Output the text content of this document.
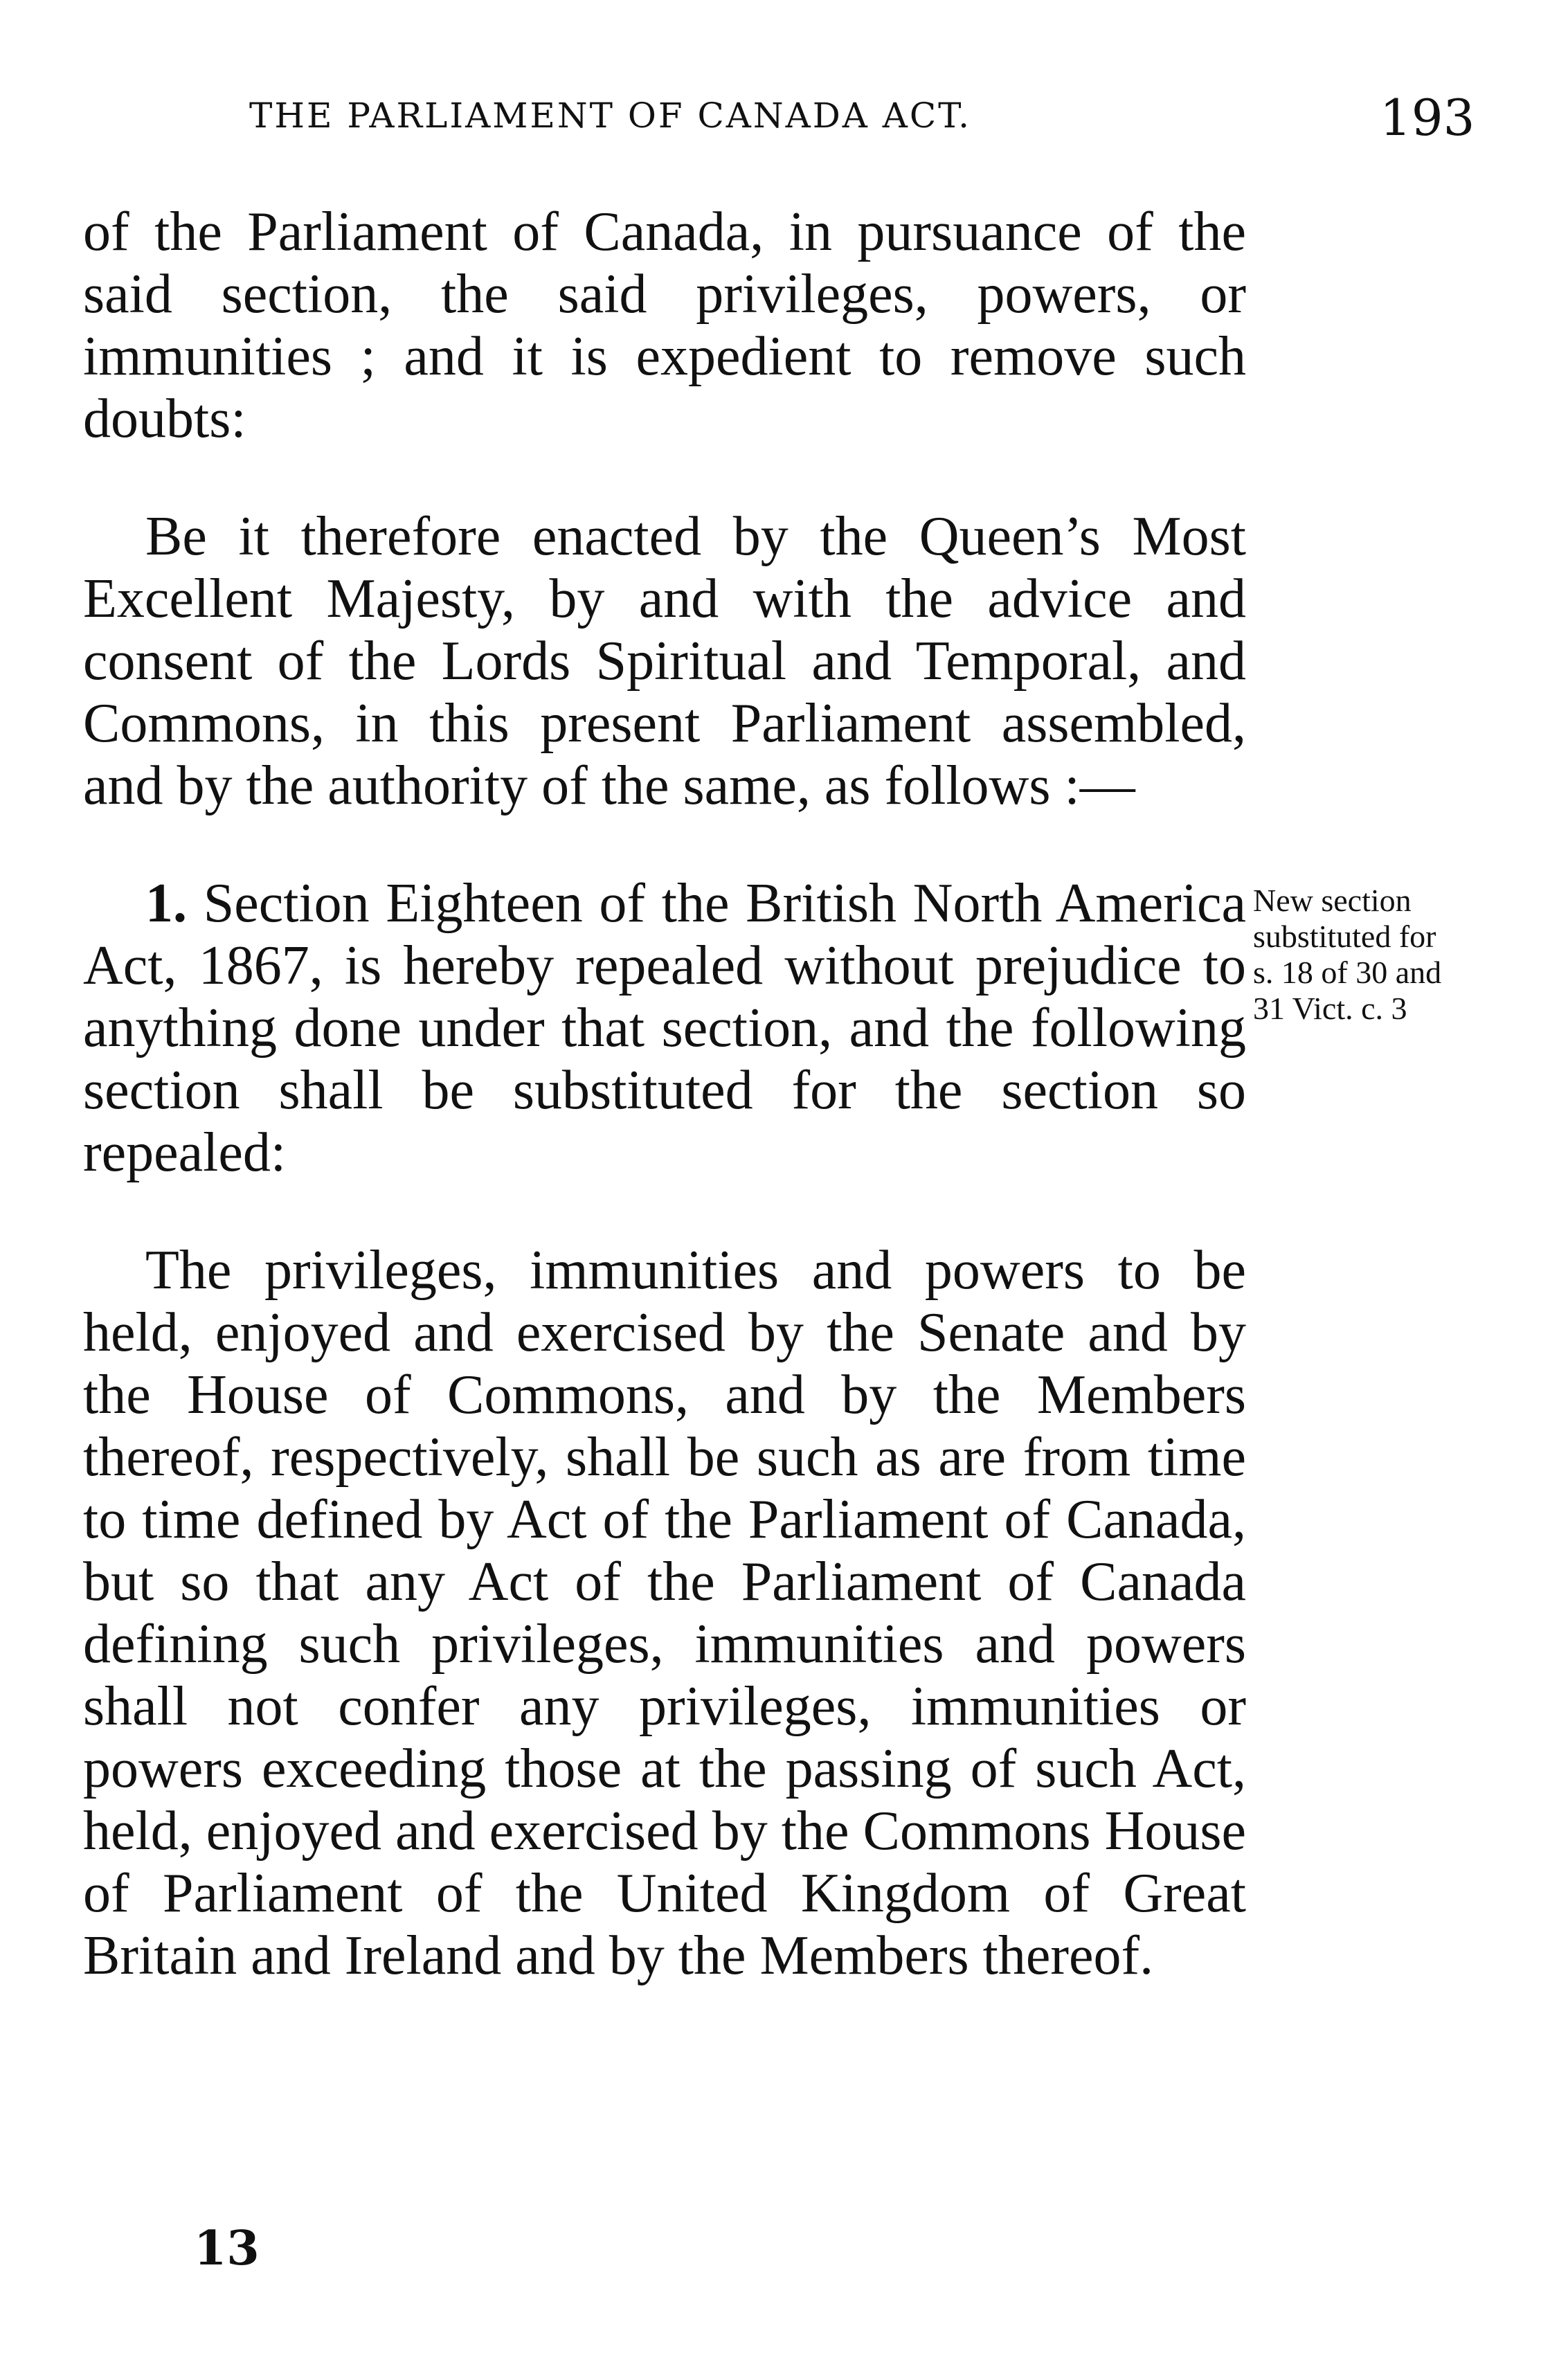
THE PARLIAMENT OF CANADA ACT.	193

of the Parliament of Canada, in pursuance of the said section, the said privileges, powers, or immunities ; and it is expedient to remove such doubts:

Be it therefore enacted by the Queen’s Most Excellent Majesty, by and with the advice and consent of the Lords Spiritual and Temporal, and Commons, in this present Parliament assembled, and by the authority of the same, as follows :—

1. Section Eighteen of the British North America Act, 1867, is hereby repealed without prejudice to anything done under that section, and the following section shall be substituted for the section so repealed:

The privileges, immunities and powers to be held, enjoyed and exercised by the Senate and by the House of Commons, and by the Members thereof, respectively, shall be such as are from time to time defined by Act of the Parliament of Canada, but so that any Act of the Parliament of Canada defining such privileges, immunities and powers shall not confer any privileges, immunities or powers exceeding those at the passing of such Act, held, enjoyed and exercised by the Commons House of Parliament of the United Kingdom of Great Britain and Ireland and by the Members thereof.

New section substituted for s. 18 of 30 and 31 Vict. c. 3
13
